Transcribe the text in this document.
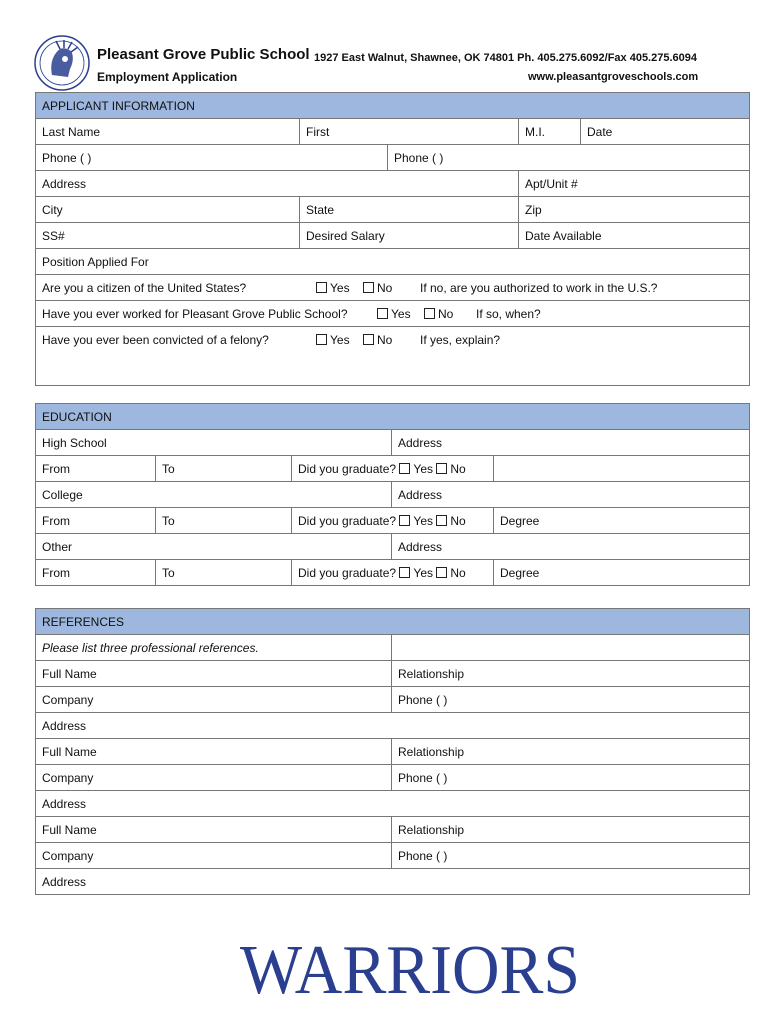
Pleasant Grove Public School 1927 East Walnut, Shawnee, OK 74801 Ph. 405.275.6092/Fax 405.275.6094
Employment Application	www.pleasantgroveschools.com
APPLICANT INFORMATION				
Last Name	First		M.I.	Date
Phone ( )		Phone ( )		
Address			Apt/Unit #	
City	State		Zip	
SS#	Desired Salary		Date Available	
Position Applied For				
Are you a citizen of the United States? Yes No If no, are you authorized to work in the U.S.?				
Have you ever worked for Pleasant Grove Public School? Yes No If so, when?				
Have you ever been convicted of a felony? Yes No If yes, explain?				
EDUCATION				
High School			Address	
From	To	Did you graduate? Yes No		
College			Address	
From	To	Did you graduate? Yes No		Degree
Other			Address	
From	To	Did you graduate? Yes No		Degree
REFERENCES	
Please list three professional references.	
Full Name	Relationship
Company	Phone ( )
Address	
Full Name	Relationship
Company	Phone ( )
Address	
Full Name	Relationship
Company	Phone ( )
Address	
WARRIORS
